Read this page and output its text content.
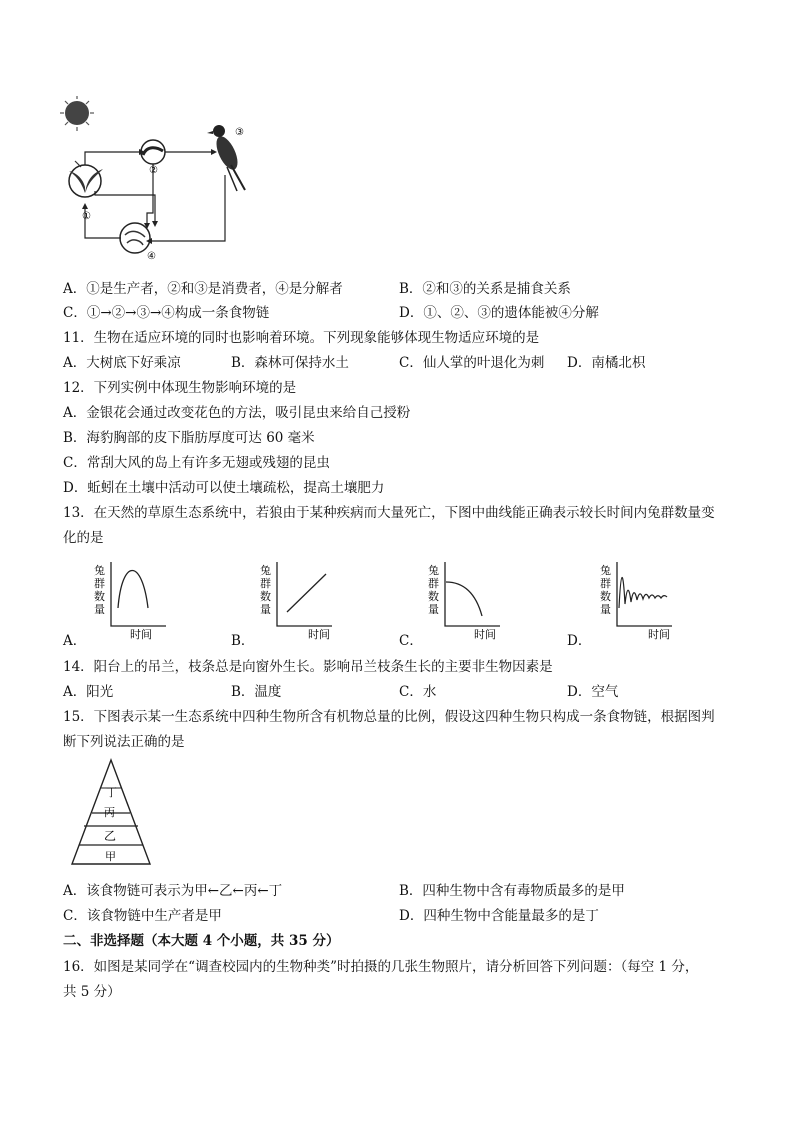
①
②
③
④
A．①是生产者，②和③是消费者，④是分解者	B．②和③的关系是捕食关系
C．①→②→③→④构成一条食物链	D．①、②、③的遗体能被④分解
11．生物在适应环境的同时也影响着环境。下列现象能够体现生物适应环境的是
A．大树底下好乘凉	B．森林可保持水土	C．仙人掌的叶退化为刺 D．南橘北枳
12．下列实例中体现生物影响环境的是
A．金银花会通过改变花色的方法，吸引昆虫来给自己授粉
B．海豹胸部的皮下脂肪厚度可达 60 毫米
C．常刮大风的岛上有许多无翅或残翅的昆虫
D．蚯蚓在土壤中活动可以使土壤疏松，提高土壤肥力
13．在天然的草原生态系统中，若狼由于某种疾病而大量死亡，下图中曲线能正确表示较长时间内兔群数量变
化的是
兔
群
数
量
时间
兔
群
数
量
时间
兔
群
数
量
时间
兔
群
数
量
时间
A．	B．	C．	D．
14．阳台上的吊兰，枝条总是向窗外生长。影响吊兰枝条生长的主要非生物因素是
A．阳光	B．温度	C．水	D．空气
15．下图表示某一生态系统中四种生物所含有机物总量的比例，假设这四种生物只构成一条食物链，根据图判
断下列说法正确的是
丁
丙
乙
甲
A．该食物链可表示为甲←乙←丙←丁	B．四种生物中含有毒物质最多的是甲
C．该食物链中生产者是甲	D．四种生物中含能量最多的是丁
二、非选择题（本大题 4 个小题，共 35 分）
16．如图是某同学在“调查校园内的生物种类”时拍摄的几张生物照片，请分析回答下列问题：（每空 1 分，
共 5 分）
